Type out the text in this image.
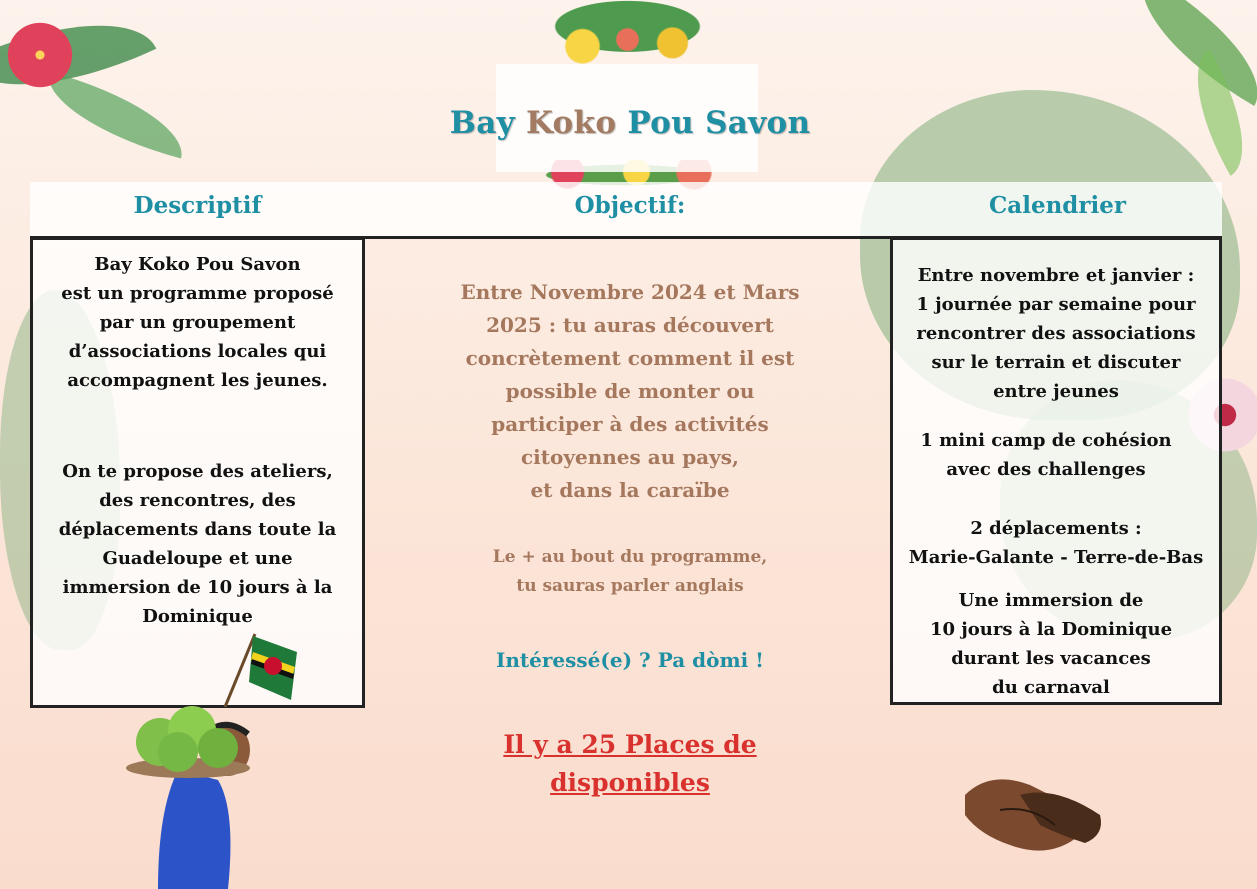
Bay Koko Pou Savon
Descriptif	Objectif:	Calendrier
Bay Koko Pou Savon
est un programme proposé
par un groupement
d’associations locales qui
accompagnent les jeunes.
On te propose des ateliers,
des rencontres, des
déplacements dans toute la
Guadeloupe et une
immersion de 10 jours à la
Dominique
Entre novembre et janvier :
1 journée par semaine pour
rencontrer des associations
sur le terrain et discuter
entre jeunes
1 mini camp de cohésion
avec des challenges
2 déplacements :
Marie-Galante - Terre-de-Bas
Une immersion de
10 jours à la Dominique
durant les vacances
du carnaval
Entre Novembre 2024 et Mars
2025 : tu auras découvert
concrètement comment il est
possible de monter ou
participer à des activités
citoyennes au pays,
et dans la caraïbe
Le + au bout du programme,
tu sauras parler anglais
Intéressé(e) ? Pa dòmi !
Il y a 25 Places de
disponibles
